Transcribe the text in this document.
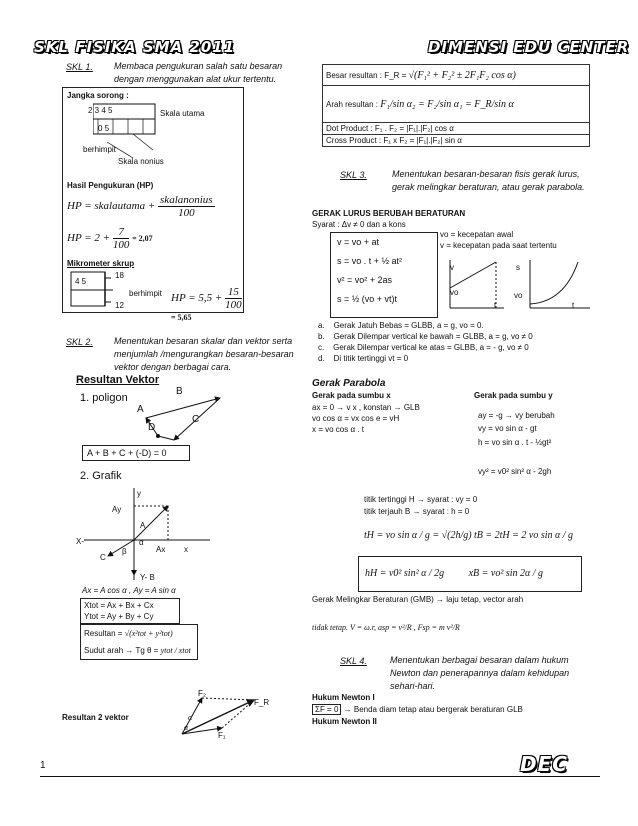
SKL FISIKA SMA 2011	DIMENSI EDU CENTER
SKL 1. Membaca pengukuran salah satu besaran dengan menggunakan alat ukur tertentu.
Jangka sorong :
2 3 4 5
0 5
Skala utama
berhimpit
Skala nonius
Hasil Pengukuran (HP)
HP = skalautama + $\frac{\text{skalanonius}}{100}$
HP = $2 + \frac{7}{100} = 2,07$
Mikrometer skrup
4 5
18
12
berhimpit HP = $5,5 + \frac{15}{100}$
= 5,65
SKL 2. Menentukan besaran skalar dan vektor serta menjumlah /mengurangkan besaran-besaran vektor dengan berbagai cara.
Resultan Vektor
1. poligon
A
B
C
D
A + B + C + (-D) = 0
2. Grafik
y
Ay
A
X-
Ax x
C
Y- B
β
α
Ax = A cos α , Ay = A sin α
Xtot = Ax + Bx + Cx
Ytot = Ay + By + Cy
Resultan = √(x²tot + y²tot)
Sudut arah → Tg θ = ytot / xtot
Resultan 2 vektor
F₂
F_R
F₁
α
α
Besar resultan : F_R = √(F₁² + F₂² ± 2F₁F₂ cos α)
Arah resultan : F₁/sin α₂ = F₂/sin α₁ = F_R/sin α
Dot Product : F₁ . F₂ = |F₁|.|F₂| cos α
Cross Product : F₁ x F₂ = |F₁|.|F₂| sin α
SKL 3.	Menentukan besaran-besaran fisis gerak lurus, gerak melingkar beraturan, atau gerak parabola.
GERAK LURUS BERUBAH BERATURAN
Syarat : Δv ≠ 0 dan a kons
vo = kecepatan awal
v = kecepatan pada saat tertentu
v = vo + at
s = vo . t + ½ at²
v² = vo² + 2as
s = ½ (vo + vt)t
v
vo
t
s
vo
t
a. Gerak Jatuh Bebas = GLBB, a = g, vo = 0.
b. Gerak Dilempar vertical ke bawah = GLBB, a = g, vo ≠ 0
c. Gerak Dilempar vertical ke atas = GLBB, a = - g, vo ≠ 0
d. Di titik tertinggi vt = 0
Gerak Parabola
Gerak pada sumbu x
ax = 0 → v x , konstan → GLB
vo cos α = vx cos e = vH
x = vo cos α . t
Gerak pada sumbu y
ay = -g → vy berubah
vy = vo sin α - gt
h = vo sin α . t - ½gt²
vy² = v0² sin² α - 2gh
titik tertinggi H → syarat : vy = 0
titik terjauh B → syarat : h = 0
tH = vo sin α / g = √(2h/g) tB = 2tH = 2 vo sin α / g
hH = v0² sin² α / 2g xB = vo² sin 2α / g
Gerak Melingkar Beraturan (GMB) → laju tetap, vector arah
tidak tetap. V = ω.r, asp = v²/R , Fsp = m v²/R
SKL 4.	Menentukan berbagai besaran dalam hukum Newton dan penerapannya dalam kehidupan sehari-hari.
Hukum Newton I
ΣF = 0 → Benda diam tetap atau bergerak beraturan GLB
Hukum Newton II
1	DEC
